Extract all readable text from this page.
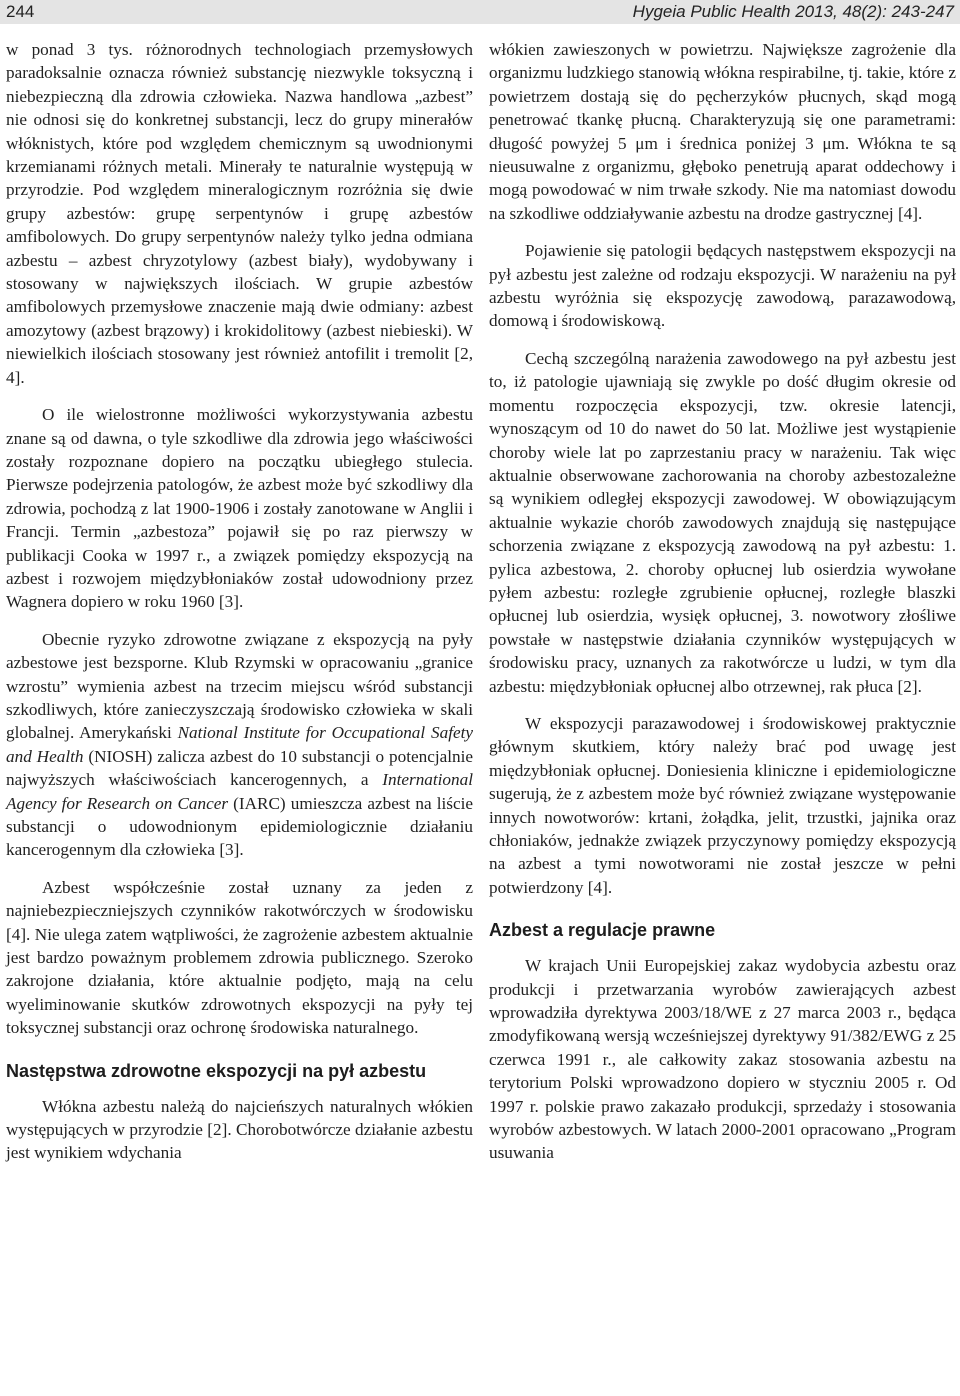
244	Hygeia Public Health 2013, 48(2): 243-247

w ponad 3 tys. różnorodnych technologiach przemysłowych paradoksalnie oznacza również substancję niezwykle toksyczną i niebezpieczną dla zdrowia człowieka. Nazwa handlowa „azbest” nie odnosi się do konkretnej substancji, lecz do grupy minerałów włóknistych, które pod względem chemicznym są uwodnionymi krzemianami różnych metali. Minerały te naturalnie występują w przyrodzie. Pod względem mineralogicznym rozróżnia się dwie grupy azbestów: grupę serpentynów i grupę azbestów amfibolowych. Do grupy serpentynów należy tylko jedna odmiana azbestu – azbest chryzotylowy (azbest biały), wydobywany i stosowany w największych ilościach. W grupie azbestów amfibolowych przemysłowe znaczenie mają dwie odmiany: azbest amozytowy (azbest brązowy) i krokidolitowy (azbest niebieski). W niewielkich ilościach stosowany jest również antofilit i tremolit [2, 4].

O ile wielostronne możliwości wykorzystywania azbestu znane są od dawna, o tyle szkodliwe dla zdrowia jego właściwości zostały rozpoznane dopiero na początku ubiegłego stulecia. Pierwsze podejrzenia patologów, że azbest może być szkodliwy dla zdrowia, pochodzą z lat 1900-1906 i zostały zanotowane w Anglii i Francji. Termin „azbestoza” pojawił się po raz pierwszy w publikacji Cooka w 1997 r., a związek pomiędzy ekspozycją na azbest i rozwojem międzybłoniaków został udowodniony przez Wagnera dopiero w roku 1960 [3].

Obecnie ryzyko zdrowotne związane z ekspozycją na pyły azbestowe jest bezsporne. Klub Rzymski w opracowaniu „granice wzrostu” wymienia azbest na trzecim miejscu wśród substancji szkodliwych, które zanieczyszczają środowisko człowieka w skali globalnej. Amerykański National Institute for Occupational Safety and Health (NIOSH) zalicza azbest do 10 substancji o potencjalnie najwyższych właściwościach kancerogennych, a International Agency for Research on Cancer (IARC) umieszcza azbest na liście substancji o udowodnionym epidemiologicznie działaniu kancerogennym dla człowieka [3].

Azbest współcześnie został uznany za jeden z najniebezpieczniejszych czynników rakotwórczych w środowisku [4]. Nie ulega zatem wątpliwości, że zagrożenie azbestem aktualnie jest bardzo poważnym problemem zdrowia publicznego. Szeroko zakrojone działania, które aktualnie podjęto, mają na celu wyeliminowanie skutków zdrowotnych ekspozycji na pyły tej toksycznej substancji oraz ochronę środowiska naturalnego.

Następstwa zdrowotne ekspozycji na pył azbestu

Włókna azbestu należą do najcieńszych naturalnych włókien występujących w przyrodzie [2]. Chorobotwórcze działanie azbestu jest wynikiem wdychania

włókien zawieszonych w powietrzu. Największe zagrożenie dla organizmu ludzkiego stanowią włókna respirabilne, tj. takie, które z powietrzem dostają się do pęcherzyków płucnych, skąd mogą penetrować tkankę płucną. Charakteryzują się one parametrami: długość powyżej 5 μm i średnica poniżej 3 μm. Włókna te są nieusuwalne z organizmu, głęboko penetrują aparat oddechowy i mogą powodować w nim trwałe szkody. Nie ma natomiast dowodu na szkodliwe oddziaływanie azbestu na drodze gastrycznej [4].

Pojawienie się patologii będących następstwem ekspozycji na pył azbestu jest zależne od rodzaju ekspozycji. W narażeniu na pył azbestu wyróżnia się ekspozycję zawodową, parazawodową, domową i środowiskową.

Cechą szczególną narażenia zawodowego na pył azbestu jest to, iż patologie ujawniają się zwykle po dość długim okresie od momentu rozpoczęcia ekspozycji, tzw. okresie latencji, wynoszącym od 10 do nawet do 50 lat. Możliwe jest wystąpienie choroby wiele lat po zaprzestaniu pracy w narażeniu. Tak więc aktualnie obserwowane zachorowania na choroby azbestozależne są wynikiem odległej ekspozycji zawodowej. W obowiązującym aktualnie wykazie chorób zawodowych znajdują się następujące schorzenia związane z ekspozycją zawodową na pył azbestu: 1. pylica azbestowa, 2. choroby opłucnej lub osierdzia wywołane pyłem azbestu: rozległe zgrubienie opłucnej, rozległe blaszki opłucnej lub osierdzia, wysięk opłucnej, 3. nowotwory złośliwe powstałe w następstwie działania czynników występujących w środowisku pracy, uznanych za rakotwórcze u ludzi, w tym dla azbestu: międzybłoniak opłucnej albo otrzewnej, rak płuca [2].

W ekspozycji parazawodowej i środowiskowej praktycznie głównym skutkiem, który należy brać pod uwagę jest międzybłoniak opłucnej. Doniesienia kliniczne i epidemiologiczne sugerują, że z azbestem może być również związane występowanie innych nowotworów: krtani, żołądka, jelit, trzustki, jajnika oraz chłoniaków, jednakże związek przyczynowy pomiędzy ekspozycją na azbest a tymi nowotworami nie został jeszcze w pełni potwierdzony [4].

Azbest a regulacje prawne

W krajach Unii Europejskiej zakaz wydobycia azbestu oraz produkcji i przetwarzania wyrobów zawierających azbest wprowadziła dyrektywa 2003/18/WE z 27 marca 2003 r., będąca zmodyfikowaną wersją wcześniejszej dyrektywy 91/382/EWG z 25 czerwca 1991 r., ale całkowity zakaz stosowania azbestu na terytorium Polski wprowadzono dopiero w styczniu 2005 r. Od 1997 r. polskie prawo zakazało produkcji, sprzedaży i stosowania wyrobów azbestowych. W latach 2000-2001 opracowano „Program usuwania
